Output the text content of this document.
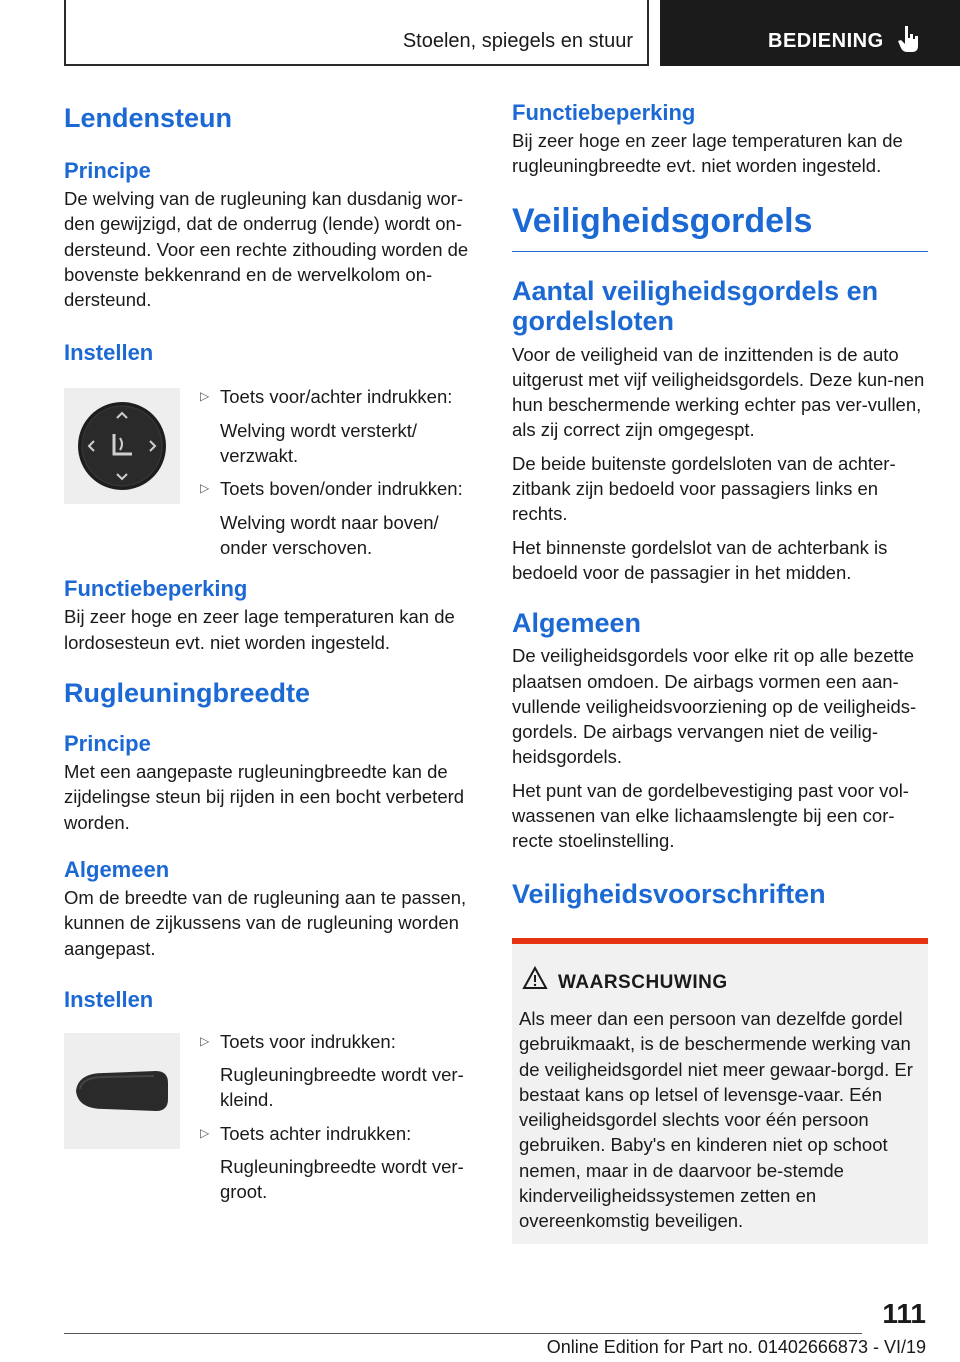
Stoelen, spiegels en stuur	BEDIENING
Lendensteun
Principe

De welving van de rugleuning kan dusdanig wor-den gewijzigd, dat de onderrug (lende) wordt on-dersteund. Voor een rechte zithouding worden de bovenste bekkenrand en de wervelkolom on-dersteund.

Instellen
▷ Toets voor/achter indrukken:
Welving wordt versterkt/ verzwakt.
▷ Toets boven/onder indrukken:
Welving wordt naar boven/ onder verschoven.
Functiebeperking

Bij zeer hoge en zeer lage temperaturen kan de lordosesteun evt. niet worden ingesteld.

Rugleuningbreedte
Principe

Met een aangepaste rugleuningbreedte kan de zijdelingse steun bij rijden in een bocht verbeterd worden.

Algemeen

Om de breedte van de rugleuning aan te passen, kunnen de zijkussens van de rugleuning worden aangepast.

Instellen
▷ Toets voor indrukken:
Rugleuningbreedte wordt ver-kleind.
▷ Toets achter indrukken:
Rugleuningbreedte wordt ver-groot.
Functiebeperking

Bij zeer hoge en zeer lage temperaturen kan de rugleuningbreedte evt. niet worden ingesteld.

Veiligheidsgordels
Aantal veiligheidsgordels en gordelsloten

Voor de veiligheid van de inzittenden is de auto uitgerust met vijf veiligheidsgordels. Deze kun-nen hun beschermende werking echter pas ver-vullen, als zij correct zijn omgegespt.

De beide buitenste gordelsloten van de achter-zitbank zijn bedoeld voor passagiers links en rechts.

Het binnenste gordelslot van de achterbank is bedoeld voor de passagier in het midden.

Algemeen

De veiligheidsgordels voor elke rit op alle bezette plaatsen omdoen. De airbags vormen een aan-vullende veiligheidsvoorziening op de veiligheids-gordels. De airbags vervangen niet de veilig-heidsgordels.

Het punt van de gordelbevestiging past voor vol-wassenen van elke lichaamslengte bij een cor-recte stoelinstelling.

Veiligheidsvoorschriften
WAARSCHUWING
Als meer dan een persoon van dezelfde gordel gebruikmaakt, is de beschermende werking van de veiligheidsgordel niet meer gewaar-borgd. Er bestaat kans op letsel of levensge-vaar. Eén veiligheidsgordel slechts voor één persoon gebruiken. Baby's en kinderen niet op schoot nemen, maar in de daarvoor be-stemde kinderveiligheidssystemen zetten en overeenkomstig beveiligen.
111
Online Edition for Part no. 01402666873 - VI/19
